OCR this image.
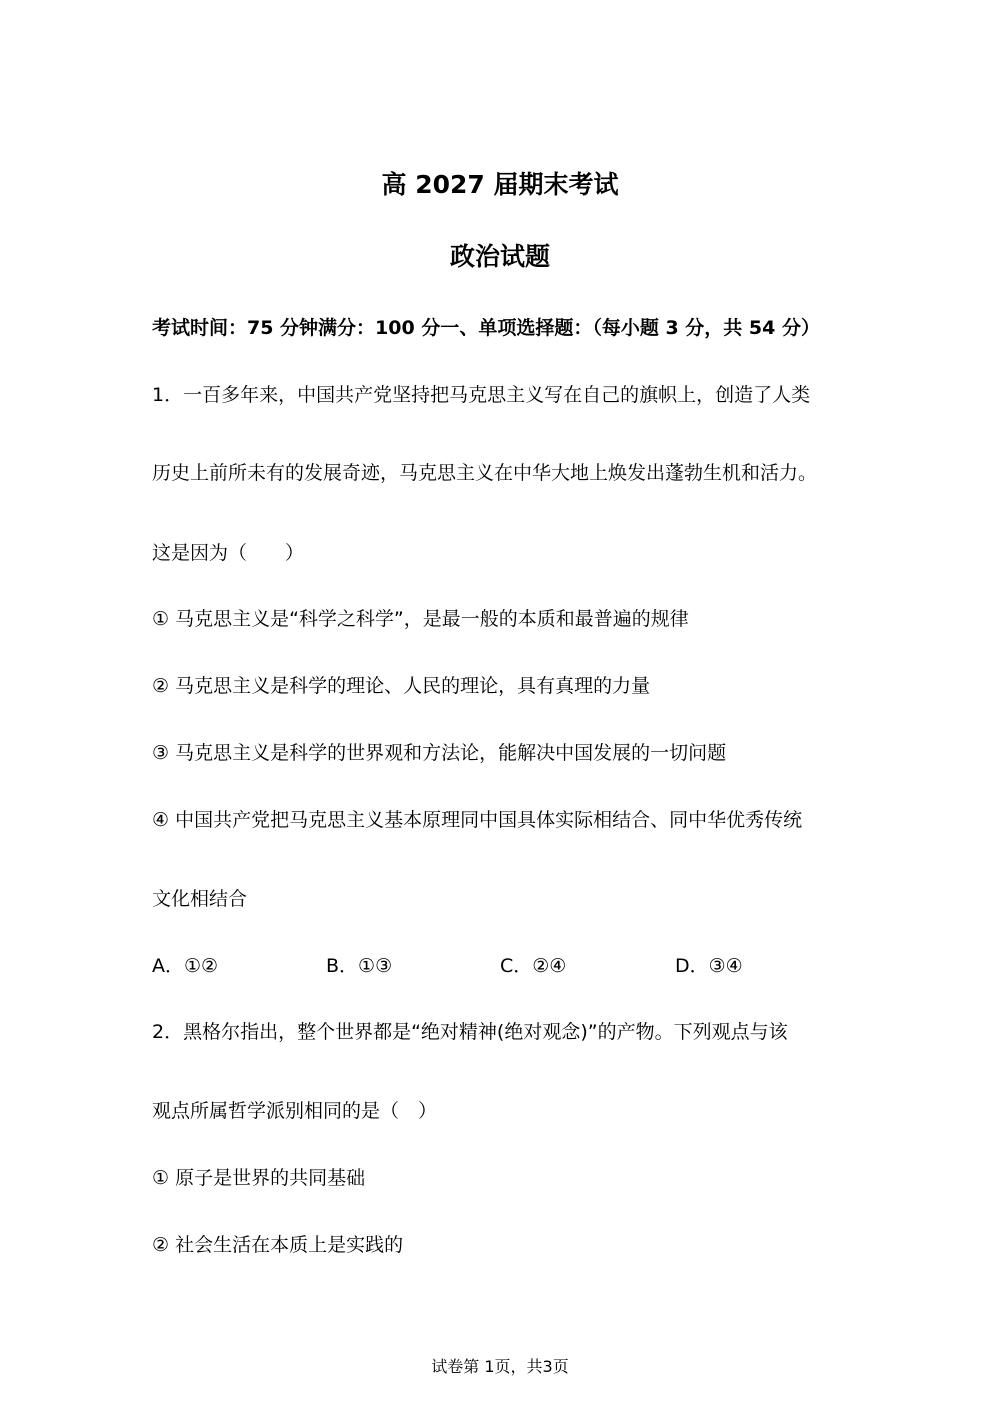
高 2027 届期末考试
政治试题
考试时间：75 分钟满分：100 分一、单项选择题：（每小题 3 分，共 54 分）
1．一百多年来，中国共产党坚持把马克思主义写在自己的旗帜上，创造了人类
历史上前所未有的发展奇迹，马克思主义在中华大地上焕发出蓬勃生机和活力。
这是因为（　　）
① 马克思主义是“科学之科学”，是最一般的本质和最普遍的规律
② 马克思主义是科学的理论、人民的理论，具有真理的力量
③ 马克思主义是科学的世界观和方法论，能解决中国发展的一切问题
④ 中国共产党把马克思主义基本原理同中国具体实际相结合、同中华优秀传统
文化相结合
A．①②	B．①③	C．②④	D．③④
2．黑格尔指出，整个世界都是“绝对精神(绝对观念)”的产物。下列观点与该
观点所属哲学派别相同的是（　）
① 原子是世界的共同基础
② 社会生活在本质上是实践的
试卷第 1页，共3页
